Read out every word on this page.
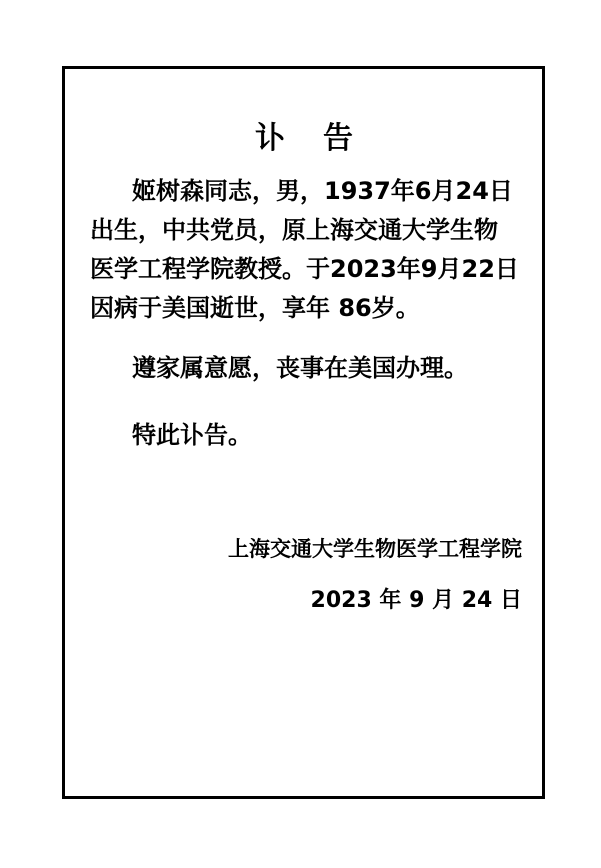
讣　告
姬树森同志，男，1937年6月24日
出生，中共党员，原上海交通大学生物
医学工程学院教授。于2023年9月22日
因病于美国逝世，享年 86岁。
遵家属意愿，丧事在美国办理。
特此讣告。
上海交通大学生物医学工程学院
2023 年 9 月 24 日
